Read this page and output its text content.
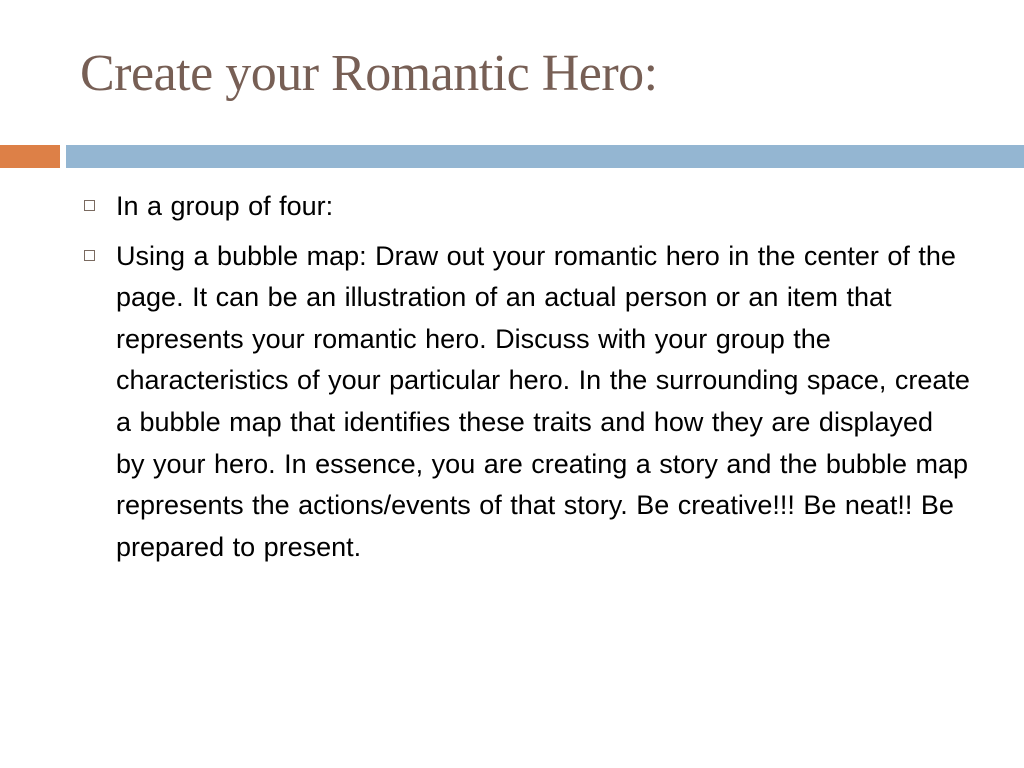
Create your Romantic Hero:
In a group of four:
Using a bubble map: Draw out your romantic hero in the center of the page. It can be an illustration of an actual person or an item that represents your romantic hero. Discuss with your group the characteristics of your particular hero. In the surrounding space, create a bubble map that identifies these traits and how they are displayed by your hero. In essence, you are creating a story and the bubble map represents the actions/events of that story. Be creative!!! Be neat!! Be prepared to present.
